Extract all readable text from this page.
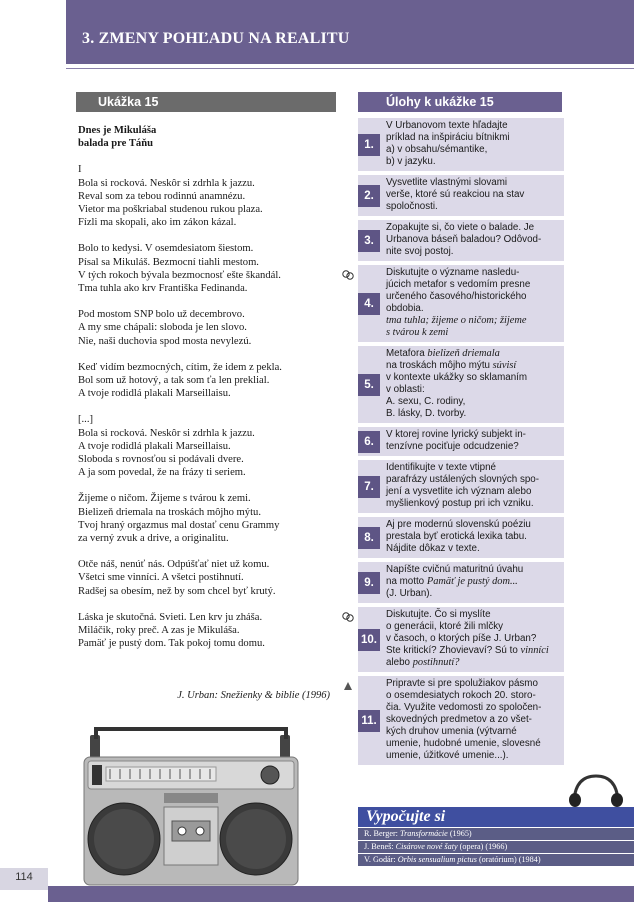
3. ZMENY POHĽADU NA REALITU
Ukážka 15	Úlohy k ukážke 15
Dnes je Mikuláša
balada pre Táňu
I
Bola si rocková. Neskôr si zdrhla k jazzu.
Reval som za tebou rodinnú anamnézu.
Vietor ma poškriabal studenou rukou plaza.
Fízli ma skopali, ako im zákon kázal.
Bolo to kedysi. V osemdesiatom šiestom.
Písal sa Mikuláš. Bezmocní tiahli mestom.
V tých rokoch bývala bezmocnosť ešte škandál.
Tma tuhla ako krv Františka Fedinanda.
Pod mostom SNP bolo už decembrovo.
A my sme chápali: sloboda je len slovo.
Nie, naši duchovia spod mosta nevylezú.
Keď vidím bezmocných, cítim, že idem z pekla.
Bol som už hotový, a tak som ťa len preklial.
A tvoje rodidlá plakali Marseillaisu.
[...]
Bola si rocková. Neskôr si zdrhla k jazzu.
A tvoje rodidlá plakali Marseillaisu.
Sloboda s rovnosťou si podávali dvere.
A ja som povedal, že na frázy ti seriem.
Žijeme o ničom. Žijeme s tvárou k zemi.
Bielizeň driemala na troskách môjho mýtu.
Tvoj hraný orgazmus mal dostať cenu Grammy
za verný zvuk a drive, a originalitu.
Otče náš, nenúť nás. Odpúšťať niet už komu.
Všetci sme vinníci. A všetci postihnutí.
Radšej sa obesím, než by som chcel byť krutý.
Láska je skutočná. Svieti. Len krv ju zháša.
Miláčik, roky preč. A zas je Mikuláša.
Pamäť je pustý dom. Tak pokoj tomu domu.
J. Urban: Snežienky & biblie (1996)
1.
V Urbanovom texte hľadajte
príklad na inšpiráciu bítnikmi
a) v obsahu/sémantike,
b) v jazyku.
2.
Vysvetlite vlastnými slovami
verše, ktoré sú reakciou na stav
spoločnosti.
3.
Zopakujte si, čo viete o balade. Je
Urbanova báseň baladou? Odôvod-
nite svoj postoj.
4.
Diskutujte o význame nasledu-
júcich metafor s vedomím presne
určeného časového/historického
obdobia.
tma tuhla; žijeme o ničom; žijeme
s tvárou k zemi
5.
Metafora bielizeň driemala
na troskách môjho mýtu súvisí
v kontexte ukážky so sklamaním
v oblasti:
A. sexu, C. rodiny,
B. lásky, D. tvorby.
6.
V ktorej rovine lyrický subjekt in-
tenzívne pociťuje odcudzenie?
7.
Identifikujte v texte vtipné
parafrázy ustálených slovných spo-
jení a vysvetlite ich význam alebo
myšlienkový postup pri ich vzniku.
8.
Aj pre modernú slovenskú poéziu
prestala byť erotická lexika tabu.
Nájdite dôkaz v texte.
9.
Napíšte cvičnú maturitnú úvahu
na motto Pamäť je pustý dom...
(J. Urban).
10.
Diskutujte. Čo si myslíte
o generácii, ktoré žili mlčky
v časoch, o ktorých píše J. Urban?
Ste kritickí? Zhovievaví? Sú to vinníci
alebo postihnutí?
11.
Pripravte si pre spolužiakov pásmo
o osemdesiatych rokoch 20. storo-
čia. Využite vedomosti zo spoločen-
skovedných predmetov a zo všet-
kých druhov umenia (výtvarné
umenie, hudobné umenie, slovesné
umenie, úžitkové umenie...).
Vypočujte si
R. Berger: Transformácie (1965)
J. Beneš: Cisárove nové šaty (opera) (1966)
V. Godár: Orbis sensualium pictus (oratórium) (1984)
114
